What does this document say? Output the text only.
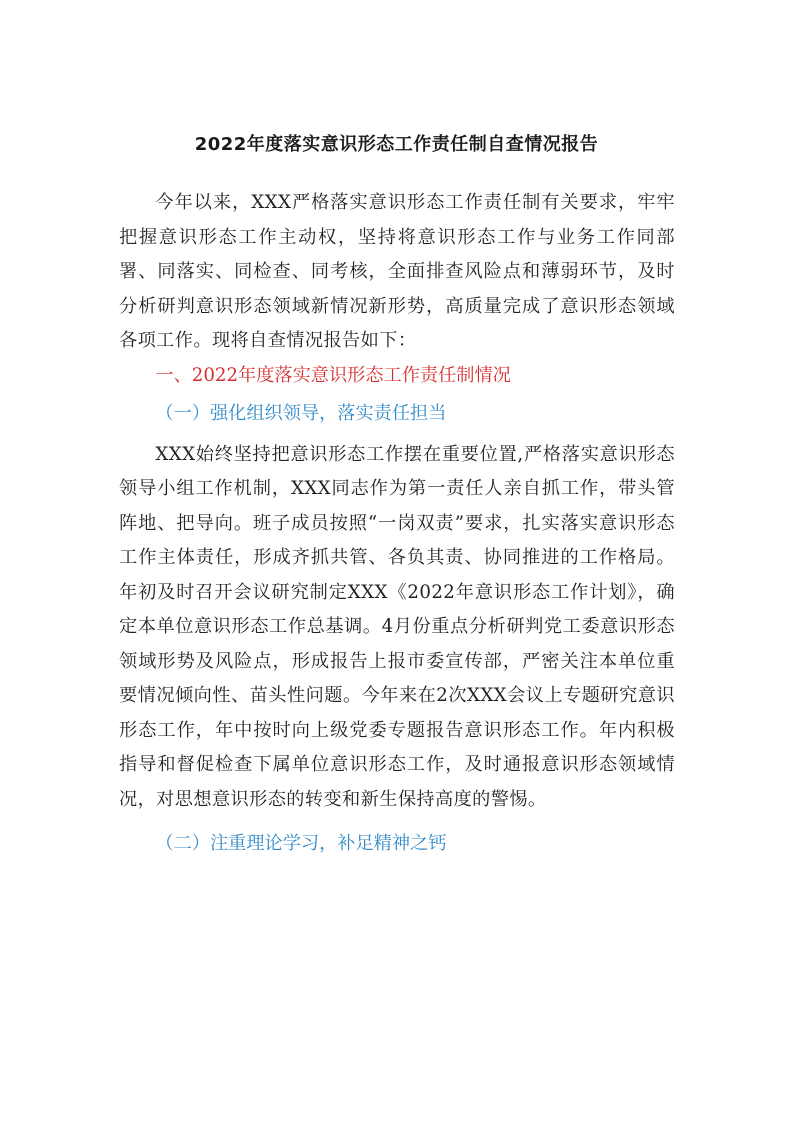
2022年度落实意识形态工作责任制自查情况报告

今年以来，XXX严格落实意识形态工作责任制有关要求，牢牢把握意识形态工作主动权，坚持将意识形态工作与业务工作同部署、同落实、同检查、同考核，全面排查风险点和薄弱环节，及时分析研判意识形态领域新情况新形势，高质量完成了意识形态领域各项工作。现将自查情况报告如下：

一、2022年度落实意识形态工作责任制情况
（一）强化组织领导，落实责任担当

XXX始终坚持把意识形态工作摆在重要位置,严格落实意识形态领导小组工作机制，XXX同志作为第一责任人亲自抓工作，带头管阵地、把导向。班子成员按照“一岗双责”要求，扎实落实意识形态工作主体责任，形成齐抓共管、各负其责、协同推进的工作格局。年初及时召开会议研究制定XXX《2022年意识形态工作计划》，确定本单位意识形态工作总基调。4月份重点分析研判党工委意识形态领域形势及风险点，形成报告上报市委宣传部，严密关注本单位重要情况倾向性、苗头性问题。今年来在2次XXX会议上专题研究意识形态工作，年中按时向上级党委专题报告意识形态工作。年内积极指导和督促检查下属单位意识形态工作，及时通报意识形态领域情况，对思想意识形态的转变和新生保持高度的警惕。

（二）注重理论学习，补足精神之钙
